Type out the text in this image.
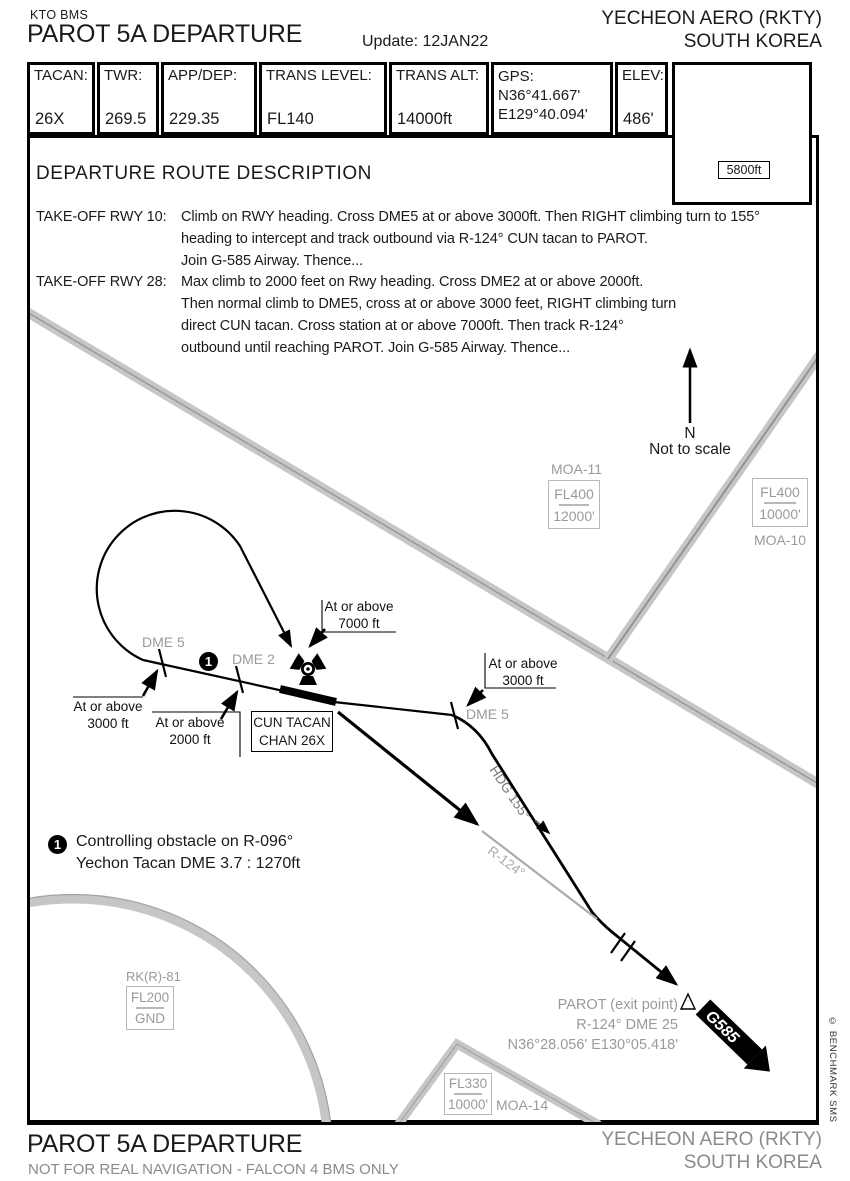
G585
5800ft
KTO BMS
PAROT 5A DEPARTURE	Update: 12JAN22
YECHEON AERO (RKTY)
SOUTH KOREA
TACAN:
26X
TWR:
269.5
APP/DEP:
229.35
TRANS LEVEL:
FL140
TRANS ALT:
14000ft
GPS:
N36°41.667'
E129°40.094'
ELEV:
486'
DEPARTURE ROUTE DESCRIPTION
TAKE-OFF RWY 10: Climb on RWY heading. Cross DME5 at or above 3000ft. Then RIGHT climbing turn to 155°
heading to intercept and track outbound via R-124° CUN tacan to PAROT.
Join G-585 Airway. Thence...
TAKE-OFF RWY 28: Max climb to 2000 feet on Rwy heading. Cross DME2 at or above 2000ft.
Then normal climb to DME5, cross at or above 3000 feet, RIGHT climbing turn
direct CUN tacan. Cross station at or above 7000ft. Then track R-124°
outbound until reaching PAROT. Join G-585 Airway. Thence...
N
Not to scale
MOA-11
FL400
12000'
FL400
10000'
MOA-10
RK(R)-81
FL200
GND
FL330
10000' MOA-14
DME 5
DME 2
DME 5
1
At or above
3000 ft	At or above
2000 ft
At or above
7000 ft
At or above
3000 ft
CUN TACAN
CHAN 26X
HDG 155°
R-124°
1 Controlling obstacle on R-096°
Yechon Tacan DME 3.7 : 1270ft
PAROT (exit point)
R-124° DME 25
N36°28.056' E130°05.418'	© BENCHMARK SMS
PAROT 5A DEPARTURE
NOT FOR REAL NAVIGATION - FALCON 4 BMS ONLY
YECHEON AERO (RKTY)
SOUTH KOREA
